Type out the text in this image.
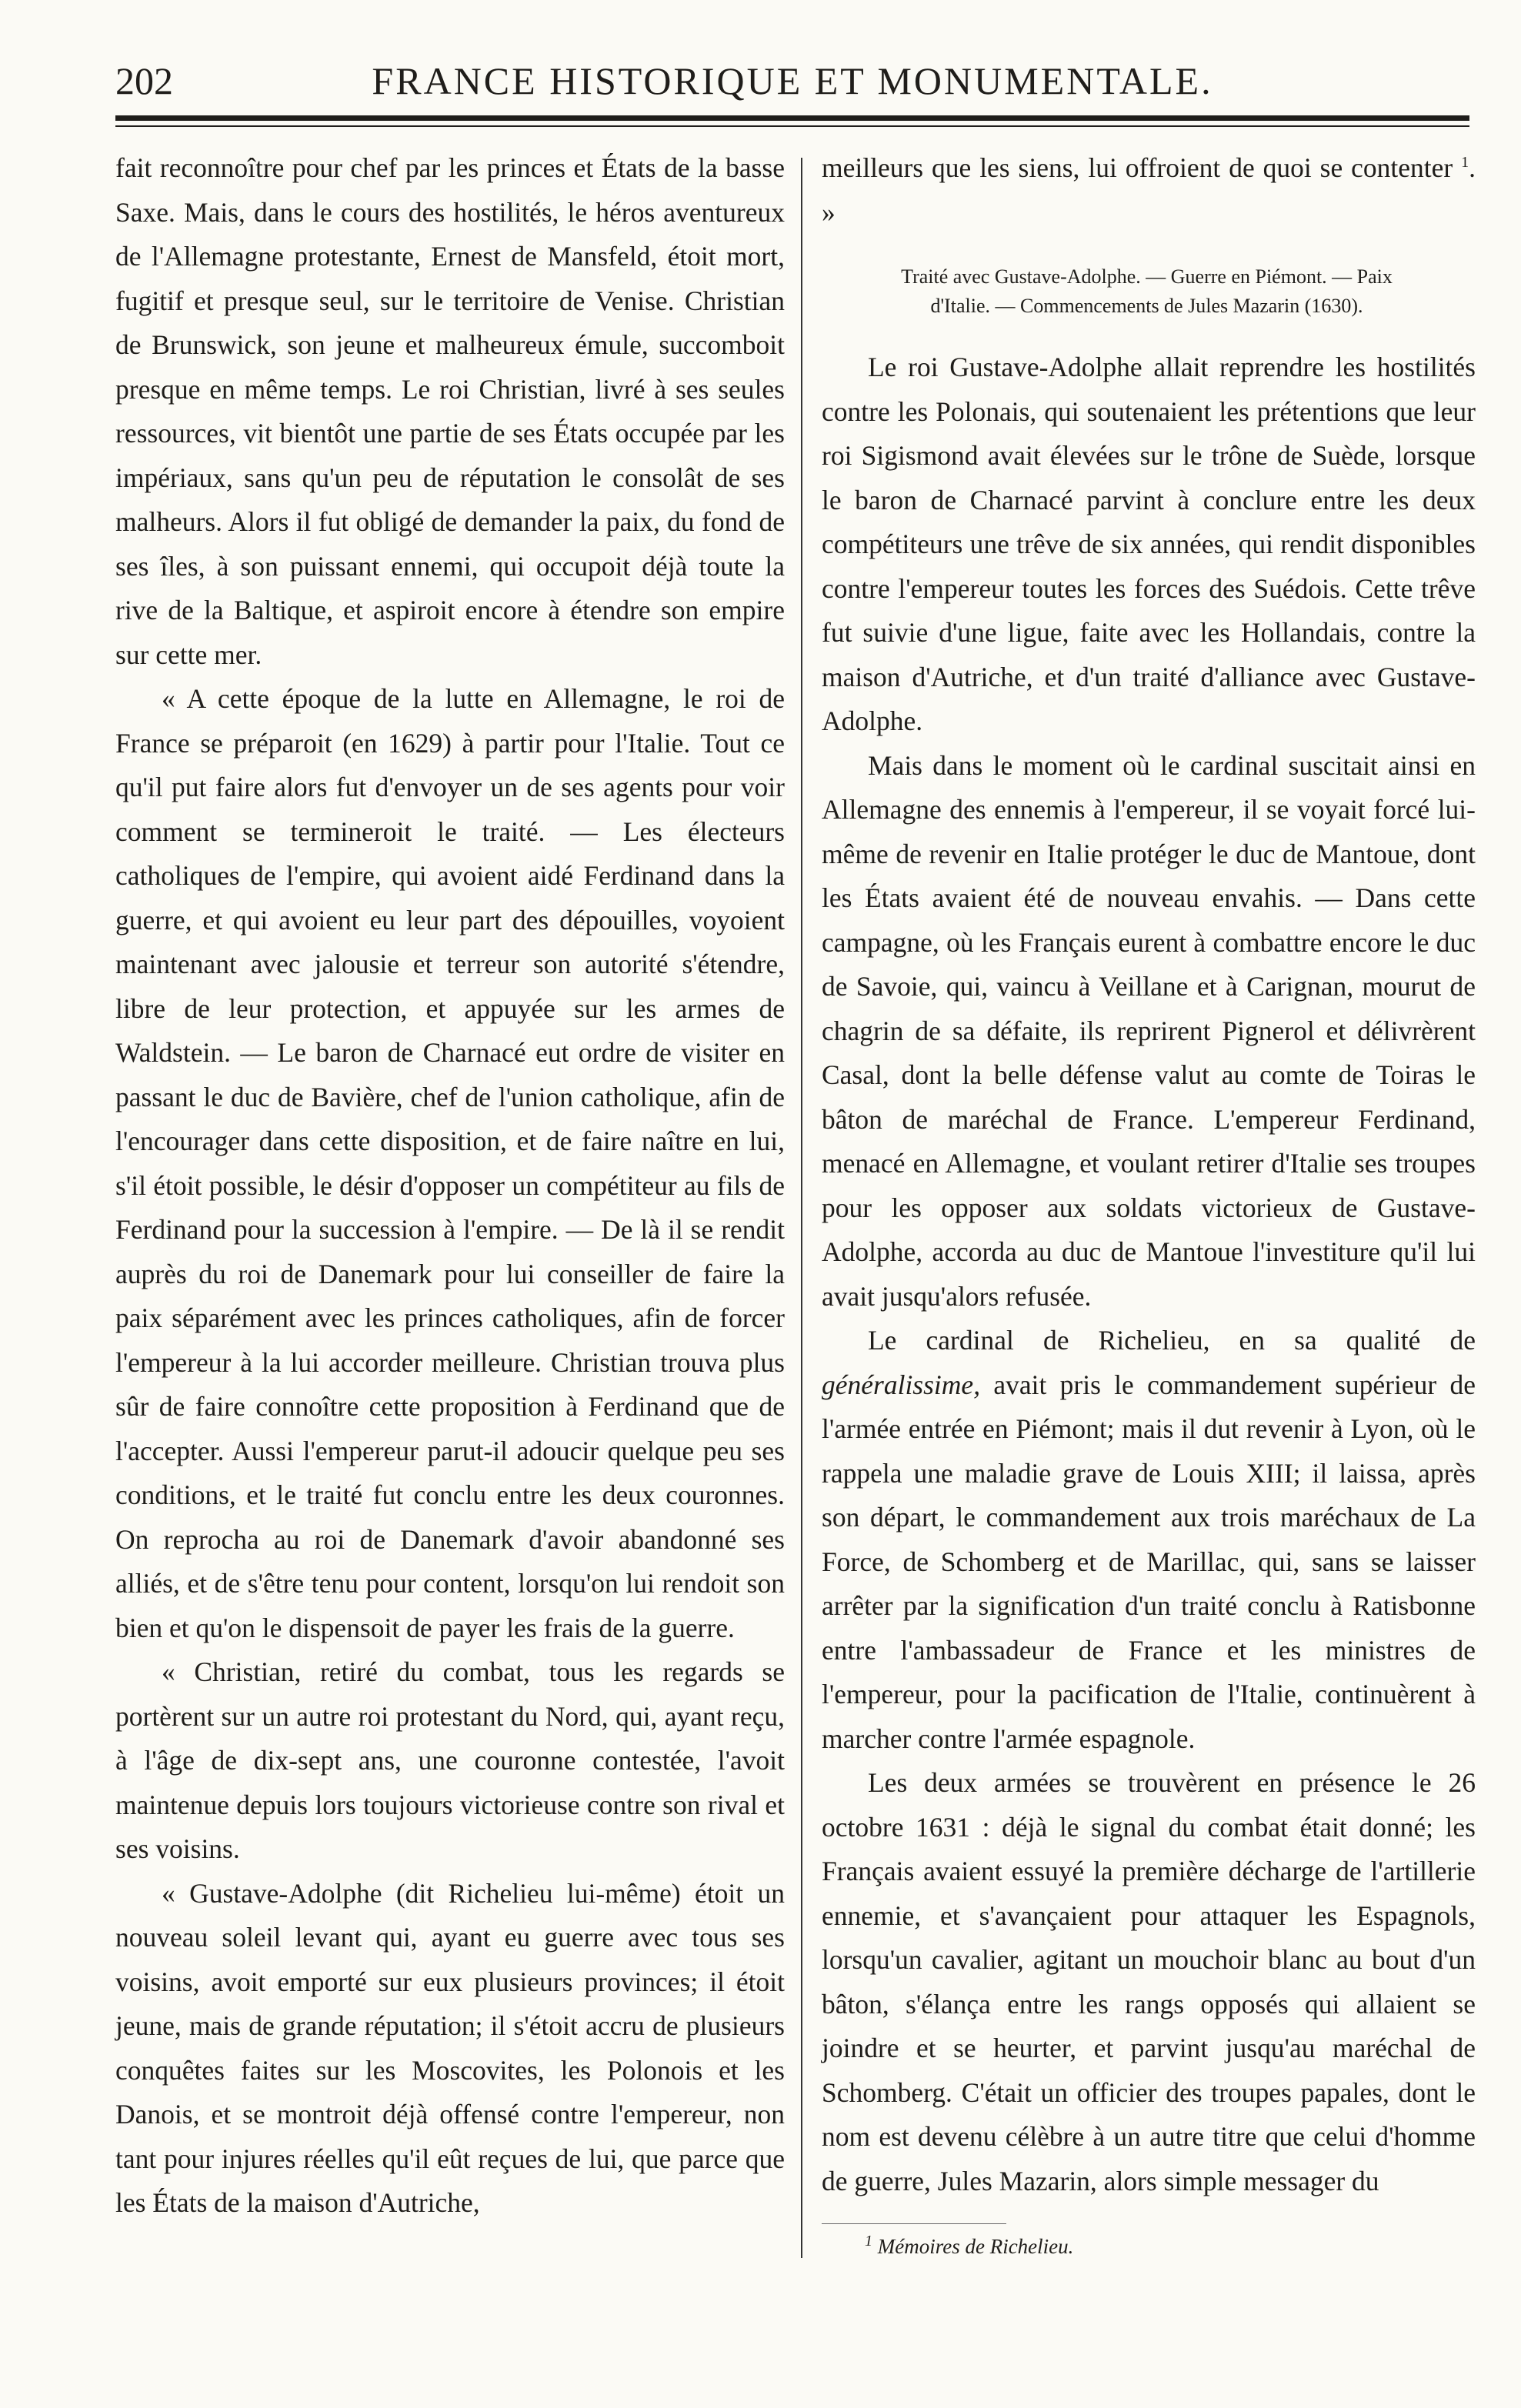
202	FRANCE HISTORIQUE ET MONUMENTALE.

fait reconnoître pour chef par les princes et États de la basse Saxe. Mais, dans le cours des hostilités, le héros aventureux de l'Allemagne protestante, Ernest de Mansfeld, étoit mort, fugitif et presque seul, sur le territoire de Venise. Christian de Brunswick, son jeune et malheureux émule, succomboit presque en même temps. Le roi Christian, livré à ses seules ressources, vit bientôt une partie de ses États occupée par les impériaux, sans qu'un peu de réputation le consolât de ses malheurs. Alors il fut obligé de demander la paix, du fond de ses îles, à son puissant ennemi, qui occupoit déjà toute la rive de la Baltique, et aspiroit encore à étendre son empire sur cette mer.

« A cette époque de la lutte en Allemagne, le roi de France se préparoit (en 1629) à partir pour l'Italie. Tout ce qu'il put faire alors fut d'envoyer un de ses agents pour voir comment se termineroit le traité. — Les électeurs catholiques de l'empire, qui avoient aidé Ferdinand dans la guerre, et qui avoient eu leur part des dépouilles, voyoient maintenant avec jalousie et terreur son autorité s'étendre, libre de leur protection, et appuyée sur les armes de Waldstein. — Le baron de Charnacé eut ordre de visiter en passant le duc de Bavière, chef de l'union catholique, afin de l'encourager dans cette disposition, et de faire naître en lui, s'il étoit possible, le désir d'opposer un compétiteur au fils de Ferdinand pour la succession à l'empire. — De là il se rendit auprès du roi de Danemark pour lui conseiller de faire la paix séparément avec les princes catholiques, afin de forcer l'empereur à la lui accorder meilleure. Christian trouva plus sûr de faire connoître cette proposition à Ferdinand que de l'accepter. Aussi l'empereur parut-il adoucir quelque peu ses conditions, et le traité fut conclu entre les deux couronnes. On reprocha au roi de Danemark d'avoir abandonné ses alliés, et de s'être tenu pour content, lorsqu'on lui rendoit son bien et qu'on le dispensoit de payer les frais de la guerre.

« Christian, retiré du combat, tous les regards se portèrent sur un autre roi protestant du Nord, qui, ayant reçu, à l'âge de dix-sept ans, une couronne contestée, l'avoit maintenue depuis lors toujours victorieuse contre son rival et ses voisins.

« Gustave-Adolphe (dit Richelieu lui-même) étoit un nouveau soleil levant qui, ayant eu guerre avec tous ses voisins, avoit emporté sur eux plusieurs provinces; il étoit jeune, mais de grande réputation; il s'étoit accru de plusieurs conquêtes faites sur les Moscovites, les Polonois et les Danois, et se montroit déjà offensé contre l'empereur, non tant pour injures réelles qu'il eût reçues de lui, que parce que les États de la maison d'Autriche,

meilleurs que les siens, lui offroient de quoi se contenter $^1$. »

Traité avec Gustave-Adolphe. — Guerre en Piémont. — Paix
d'Italie. — Commencements de Jules Mazarin (1630).

Le roi Gustave-Adolphe allait reprendre les hostilités contre les Polonais, qui soutenaient les prétentions que leur roi Sigismond avait élevées sur le trône de Suède, lorsque le baron de Charnacé parvint à conclure entre les deux compétiteurs une trêve de six années, qui rendit disponibles contre l'empereur toutes les forces des Suédois. Cette trêve fut suivie d'une ligue, faite avec les Hollandais, contre la maison d'Autriche, et d'un traité d'alliance avec Gustave-Adolphe.

Mais dans le moment où le cardinal suscitait ainsi en Allemagne des ennemis à l'empereur, il se voyait forcé lui-même de revenir en Italie protéger le duc de Mantoue, dont les États avaient été de nouveau envahis. — Dans cette campagne, où les Français eurent à combattre encore le duc de Savoie, qui, vaincu à Veillane et à Carignan, mourut de chagrin de sa défaite, ils reprirent Pignerol et délivrèrent Casal, dont la belle défense valut au comte de Toiras le bâton de maréchal de France. L'empereur Ferdinand, menacé en Allemagne, et voulant retirer d'Italie ses troupes pour les opposer aux soldats victorieux de Gustave-Adolphe, accorda au duc de Mantoue l'investiture qu'il lui avait jusqu'alors refusée.

Le cardinal de Richelieu, en sa qualité de généralissime, avait pris le commandement supérieur de l'armée entrée en Piémont; mais il dut revenir à Lyon, où le rappela une maladie grave de Louis XIII; il laissa, après son départ, le commandement aux trois maréchaux de La Force, de Schomberg et de Marillac, qui, sans se laisser arrêter par la signification d'un traité conclu à Ratisbonne entre l'ambassadeur de France et les ministres de l'empereur, pour la pacification de l'Italie, continuèrent à marcher contre l'armée espagnole.

Les deux armées se trouvèrent en présence le 26 octobre 1631 : déjà le signal du combat était donné; les Français avaient essuyé la première décharge de l'artillerie ennemie, et s'avançaient pour attaquer les Espagnols, lorsqu'un cavalier, agitant un mouchoir blanc au bout d'un bâton, s'élança entre les rangs opposés qui allaient se joindre et se heurter, et parvint jusqu'au maréchal de Schomberg. C'était un officier des troupes papales, dont le nom est devenu célèbre à un autre titre que celui d'homme de guerre, Jules Mazarin, alors simple messager du

$^1$ Mémoires de Richelieu.
